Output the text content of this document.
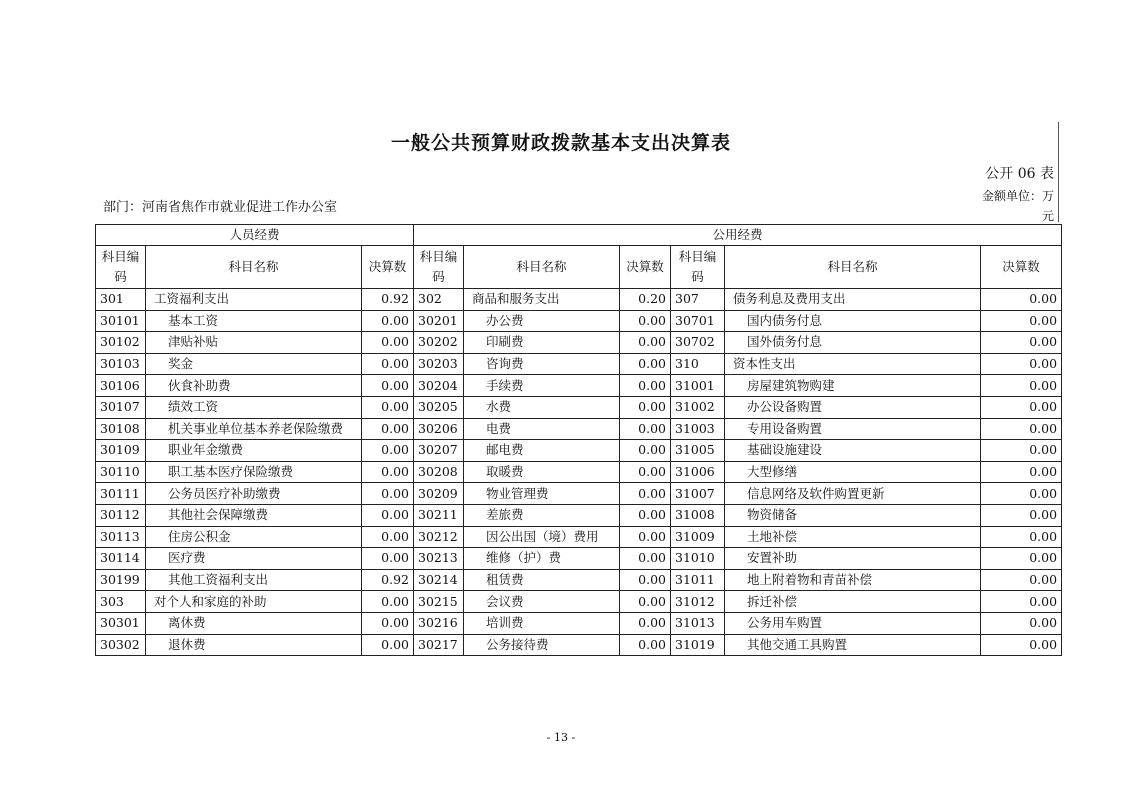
一般公共预算财政拨款基本支出决算表
公开 06 表
金额单位：万
元
部门：河南省焦作市就业促进工作办公室
人员经费			公用经费					
科目编码	科目名称	决算数	科目编码	科目名称	决算数	科目编码	科目名称	决算数
301	工资福利支出	0.92	302	商品和服务支出	0.20	307	债务利息及费用支出	0.00
30101	基本工资	0.00	30201	办公费	0.00	30701	国内债务付息	0.00
30102	津贴补贴	0.00	30202	印刷费	0.00	30702	国外债务付息	0.00
30103	奖金	0.00	30203	咨询费	0.00	310	资本性支出	0.00
30106	伙食补助费	0.00	30204	手续费	0.00	31001	房屋建筑物购建	0.00
30107	绩效工资	0.00	30205	水费	0.00	31002	办公设备购置	0.00
30108	机关事业单位基本养老保险缴费	0.00	30206	电费	0.00	31003	专用设备购置	0.00
30109	职业年金缴费	0.00	30207	邮电费	0.00	31005	基础设施建设	0.00
30110	职工基本医疗保险缴费	0.00	30208	取暖费	0.00	31006	大型修缮	0.00
30111	公务员医疗补助缴费	0.00	30209	物业管理费	0.00	31007	信息网络及软件购置更新	0.00
30112	其他社会保障缴费	0.00	30211	差旅费	0.00	31008	物资储备	0.00
30113	住房公积金	0.00	30212	因公出国（境）费用	0.00	31009	土地补偿	0.00
30114	医疗费	0.00	30213	维修（护）费	0.00	31010	安置补助	0.00
30199	其他工资福利支出	0.92	30214	租赁费	0.00	31011	地上附着物和青苗补偿	0.00
303	对个人和家庭的补助	0.00	30215	会议费	0.00	31012	拆迁补偿	0.00
30301	离休费	0.00	30216	培训费	0.00	31013	公务用车购置	0.00
30302	退休费	0.00	30217	公务接待费	0.00	31019	其他交通工具购置	0.00
- 13 -
